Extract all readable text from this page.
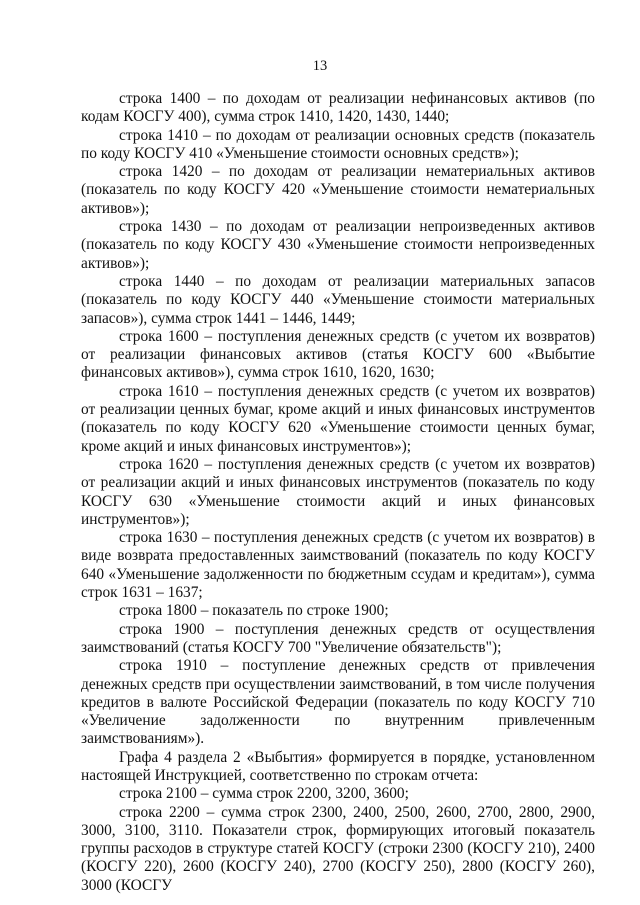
13

строка 1400 – по доходам от реализации нефинансовых активов (по кодам КОСГУ 400), сумма строк 1410, 1420, 1430, 1440;

строка 1410 – по доходам от реализации основных средств (показатель по коду КОСГУ 410 «Уменьшение стоимости основных средств»);

строка 1420 – по доходам от реализации нематериальных активов (показатель по коду КОСГУ 420 «Уменьшение стоимости нематериальных активов»);

строка 1430 – по доходам от реализации непроизведенных активов (показатель по коду КОСГУ 430 «Уменьшение стоимости непроизведенных активов»);

строка 1440 – по доходам от реализации материальных запасов (показатель по коду КОСГУ 440 «Уменьшение стоимости материальных запасов»), сумма строк 1441 – 1446, 1449;

строка 1600 – поступления денежных средств (с учетом их возвратов) от реализации финансовых активов (статья КОСГУ 600 «Выбытие финансовых активов»), сумма строк 1610, 1620, 1630;

строка 1610 – поступления денежных средств (с учетом их возвратов) от реализации ценных бумаг, кроме акций и иных финансовых инструментов (показатель по коду КОСГУ 620 «Уменьшение стоимости ценных бумаг, кроме акций и иных финансовых инструментов»);

строка 1620 – поступления денежных средств (с учетом их возвратов) от реализации акций и иных финансовых инструментов (показатель по коду КОСГУ 630 «Уменьшение стоимости акций и иных финансовых инструментов»);

строка 1630 – поступления денежных средств (с учетом их возвратов) в виде возврата предоставленных заимствований (показатель по коду КОСГУ 640 «Уменьшение задолженности по бюджетным ссудам и кредитам»), сумма строк 1631 – 1637;

строка 1800 – показатель по строке 1900;

строка 1900 – поступления денежных средств от осуществления заимствований (статья КОСГУ 700 "Увеличение обязательств");

строка 1910 – поступление денежных средств от привлечения денежных средств при осуществлении заимствований, в том числе получения кредитов в валюте Российской Федерации (показатель по коду КОСГУ 710 «Увеличение задолженности по внутренним привлеченным заимствованиям»).

Графа 4 раздела 2 «Выбытия» формируется в порядке, установленном настоящей Инструкцией, соответственно по строкам отчета:

строка 2100 – сумма строк 2200, 3200, 3600;

строка 2200 – сумма строк 2300, 2400, 2500, 2600, 2700, 2800, 2900, 3000, 3100, 3110. Показатели строк, формирующих итоговый показатель группы расходов в структуре статей КОСГУ (строки 2300 (КОСГУ 210), 2400 (КОСГУ 220), 2600 (КОСГУ 240), 2700 (КОСГУ 250), 2800 (КОСГУ 260), 3000 (КОСГУ
